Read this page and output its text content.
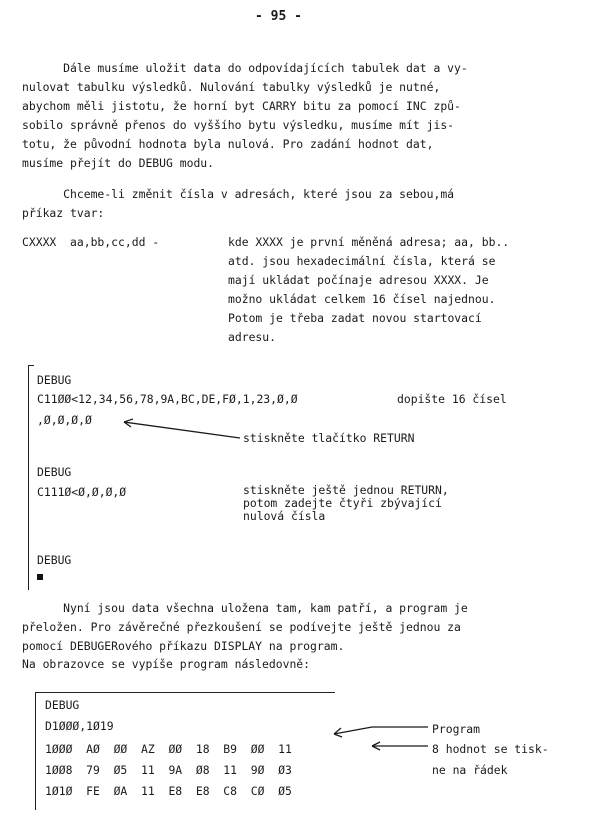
- 95 -
Dále musíme uložit data do odpovídajících tabulek dat a vy-
nulovat tabulku výsledků. Nulování tabulky výsledků je nutné,
abychom měli jistotu, že horní byt CARRY bitu za pomocí INC způ-
sobilo správně přenos do vyššího bytu výsledku, musíme mít jis-
totu, že původní hodnota byla nulová. Pro zadání hodnot dat,
musíme přejít do DEBUG modu.
Chceme-li změnit čísla v adresách, které jsou za sebou,má
příkaz tvar:
CXXXX  aa,bb,cc,dd -	kde XXXX je první měněná adresa; aa, bb..
atd. jsou hexadecimální čísla, která se
mají ukládat počínaje adresou XXXX. Je
možno ukládat celkem 16 čísel najednou.
Potom je třeba zadat novou startovací
adresu.
DEBUG
C11ØØ<12,34,56,78,9A,BC,DE,FØ,1,23,Ø,Ø	dopište 16 čísel
,Ø,Ø,Ø,Ø
stiskněte tlačítko RETURN
DEBUG
C111Ø<Ø,Ø,Ø,Ø	stiskněte ještě jednou RETURN,
potom zadejte čtyři zbývající
nulová čísla
DEBUG
Nyní jsou data všechna uložena tam, kam patří, a program je
přeložen. Pro závěrečné přezkoušení se podívejte ještě jednou za
pomocí DEBUGERového příkazu DISPLAY na program.
Na obrazovce se vypíše program následovně:
DEBUG
D1ØØØ,1Ø19	Program
1ØØØ  AØ  ØØ  AZ  ØØ  18  B9  ØØ  11
1ØØ8  79  Ø5  11  9A  Ø8  11  9Ø  Ø3
1Ø1Ø  FE  ØA  11  E8  E8  C8  CØ  Ø5
8 hodnot se tisk-
ne na řádek
